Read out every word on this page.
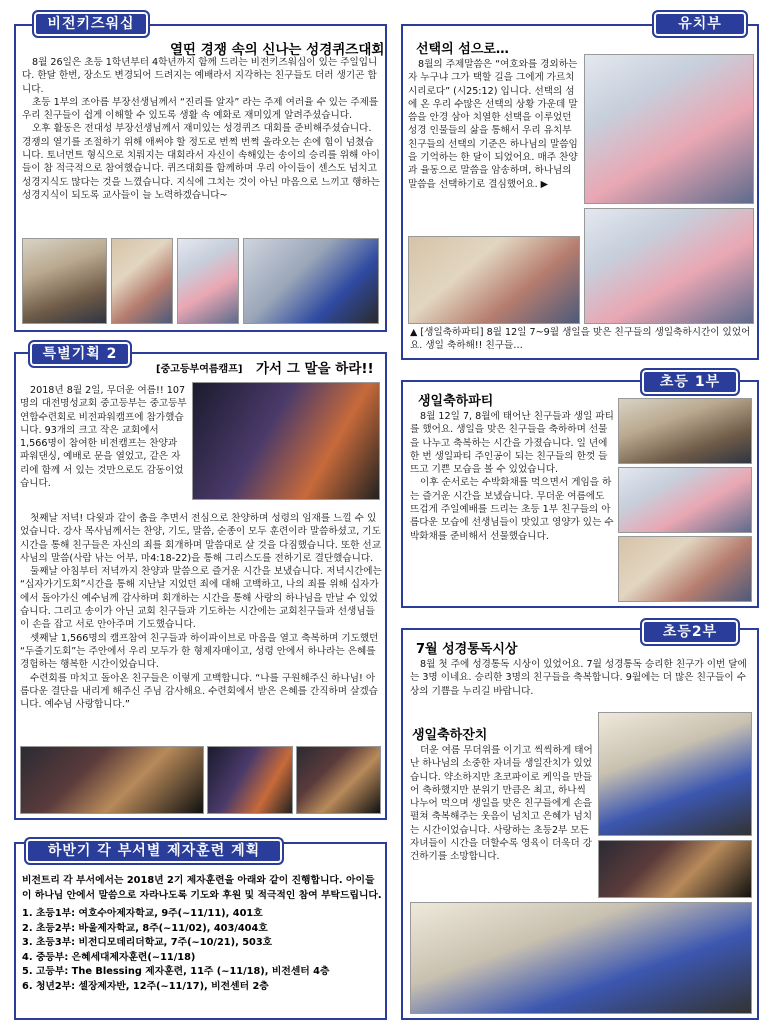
비전키즈워십
열띤 경쟁 속의 신나는 성경퀴즈대회

8월 26일은 초등 1학년부터 4학년까지 함께 드리는 비전키즈워십이 있는 주일입니다. 한달 한번, 장소도 변경되어 드려지는 예배라서 지각하는 친구들도 더러 생기곤 합니다.

초등 1부의 조아름 부장선생님께서 “진리를 알자” 라는 주제 여러율 수 있는 주제를 우리 친구들이 쉽게 이해할 수 있도록 생활 속 예화로 재미있게 알려주셨습니다.

오후 활동은 전대성 부장선생님께서 재미있는 성경퀴즈 대회를 준비해주셨습니다. 경쟁의 열기를 조절하기 위해 애써야 할 정도로 번쩍 번쩍 올라오는 손에 힘이 넘쳤습니다. 토너먼트 형식으로 치뤄지는 대회라서 자신이 속해있는 송이의 승리를 위해 아이들이 참 적극적으로 참여했습니다. 퀴즈대회를 함께하며 우리 아이들이 센스도 넘치고 성경지식도 많다는 것을 느꼈습니다. 지식에 그치는 것이 아닌 마음으로 느끼고 행하는 성경지식이 되도록 교사들이 늘 노력하겠습니다~

특별기획 2
[중고등부여름캠프] 가서 그 말을 하라!!

2018년 8월 2일, 무더운 여름!! 107명의 대전명성교회 중고등부는 중고등부 연합수련회로 비전파워캠프에 참가했습니다. 93개의 크고 작은 교회에서 1,566명이 참여한 비전캠프는 찬양과 파워댄싱, 예배로 문을 열었고, 같은 자리에 함께 서 있는 것만으로도 감동이었습니다.

첫째날 저녁! 다윗과 같이 춤을 추면서 전심으로 찬양하며 성령의 임재를 느낄 수 있었습니다. 강사 목사님께서는 찬양, 기도, 말씀, 순종이 모두 훈련이라 말씀하셨고, 기도시간을 통해 친구들은 자신의 죄를 회개하며 말씀대로 살 것을 다짐했습니다. 또한 선교사님의 말씀(사람 낚는 어부, 마4:18-22)을 통해 그리스도를 전하기로 결단했습니다.

둘째날 아침부터 저녁까지 찬양과 말씀으로 즐거운 시간을 보냈습니다. 저녁시간에는 “십자가기도회”시간을 통해 지난날 지었던 죄에 대해 고백하고, 나의 죄를 위해 십자가에서 돌아가신 예수님께 감사하며 회개하는 시간을 통해 사랑의 하나님을 만날 수 있었습니다. 그리고 송이가 아닌 교회 친구들과 기도하는 시간에는 교회친구들과 선생님들이 손을 잡고 서로 안아주며 기도했습니다.

셋째날 1,566명의 캠프참여 친구들과 하이파이브로 마음을 열고 축복하며 기도했던 “두줄기도회”는 주안에서 우리 모두가 한 형제자매이고, 성령 안에서 하나라는 은혜를 경험하는 행복한 시간이었습니다.

수련회를 마치고 돌아온 친구들은 이렇게 고백합니다. “나를 구원해주신 하나님! 아름다운 결단을 내리게 해주신 주님 감사해요. 수련회에서 받은 은혜를 간직하며 살겠습니다. 예수님 사랑합니다.”

하반기 각 부서별 제자훈련 계획
비전트리 각 부서에서는 2018년 2기 제자훈련을 아래와 같이 진행합니다. 아이들이 하나님 안에서 말씀으로 자라나도록 기도와 후원 및 적극적인 참여 부탁드립니다.
1. 초등1부: 여호수아제자학교, 9주(~11/11), 401호
2. 초등2부: 바울제자학교, 8주(~11/02), 403/404호
3. 초등3부: 비전디모데리더학교, 7주(~10/21), 503호
4. 중등부: 은혜세대제자훈련(~11/18)
5. 고등부: The Blessing 제자훈련, 11주 (~11/18), 비전센터 4층
6. 청년2부: 셀장제자반, 12주(~11/17), 비전센터 2층
유치부
선택의 섬으로…

8월의 주제말씀은 “여호와를 경외하는 자 누구냐 그가 택할 길을 그에게 가르치시리로다” (시25:12) 입니다. 선택의 섬에 온 우리 수많은 선택의 상황 가운데 말씀을 안경 삼아 치열한 선택을 이루었던 성경 인물들의 삶을 통해서 우리 유치부 친구들의 선택의 기준은 하나님의 말씀임을 기억하는 한 달이 되었어요. 매주 찬양과 율동으로 말씀을 암송하며, 하나님의 말씀을 선택하기로 결심했어요. ▶

▲ [생일축하파티] 8월 12일 7~9월 생일을 맞은 친구들의 생일축하시간이 있었어요. 생일 축하해!! 친구들…
초등 1부
생일축하파티

8월 12일 7, 8월에 태어난 친구들과 생일 파티를 했어요. 생일을 맞은 친구들을 축하하며 선물을 나누고 축복하는 시간을 가졌습니다. 일 년에 한 번 생일파티 주인공이 되는 친구들의 한껏 들뜨고 기쁜 모습을 볼 수 있었습니다.

이후 순서로는 수박화채를 먹으면서 게임을 하는 즐거운 시간을 보냈습니다. 무더운 여름에도 뜨겁게 주일예배를 드리는 초등 1부 친구들의 아름다운 모습에 선생님들이 맛있고 영양가 있는 수박화채를 준비해서 선물했습니다.

초등2부
7월 성경통독시상

8월 첫 주에 성경통독 시상이 있었어요. 7월 성경통독 승리한 친구가 이번 달에는 3명 이네요. 승리한 3명의 친구들을 축복합니다. 9월에는 더 많은 친구들이 수상의 기쁨을 누리길 바랍니다.

생일축하잔치

더운 여름 무더위를 이기고 씩씩하게 태어난 하나님의 소중한 자녀들 생일잔치가 있었습니다. 약소하지만 초코파이로 케익을 만들어 축하했지만 분위기 만큼은 최고, 하나씩 나누어 먹으며 생일을 맞은 친구들에게 손을 펼쳐 축복해주는 웃음이 넘치고 은혜가 넘치는 시간이었습니다. 사랑하는 초등2부 모든 자녀들이 시간을 더할수록 영육이 더욱더 강건하기를 소망합니다.
